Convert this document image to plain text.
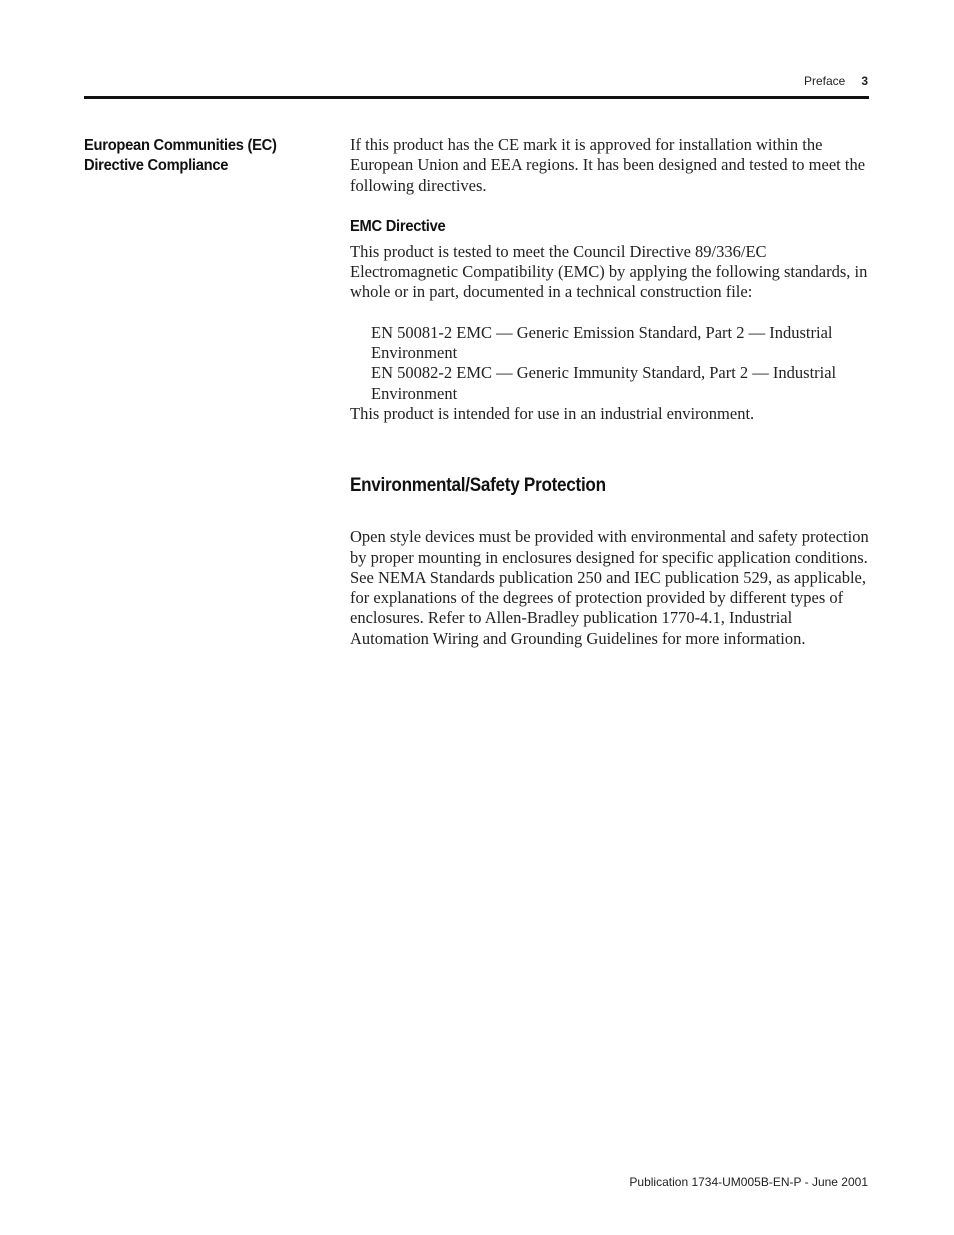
Preface 3
European Communities (EC)
Directive Compliance

If this product has the CE mark it is approved for installation within the European Union and EEA regions. It has been designed and tested to meet the following directives.

EMC Directive

This product is tested to meet the Council Directive 89/336/EC Electromagnetic Compatibility (EMC) by applying the following standards, in whole or in part, documented in a technical construction file:

EN 50081-2 EMC — Generic Emission Standard, Part 2 — Industrial Environment

EN 50082-2 EMC — Generic Immunity Standard, Part 2 — Industrial Environment

This product is intended for use in an industrial environment.

Environmental/Safety Protection

Open style devices must be provided with environmental and safety protection by proper mounting in enclosures designed for specific application conditions. See NEMA Standards publication 250 and IEC publication 529, as applicable, for explanations of the degrees of protection provided by different types of enclosures. Refer to Allen-Bradley publication 1770-4.1, Industrial Automation Wiring and Grounding Guidelines for more information.

Publication 1734-UM005B-EN-P - June 2001
